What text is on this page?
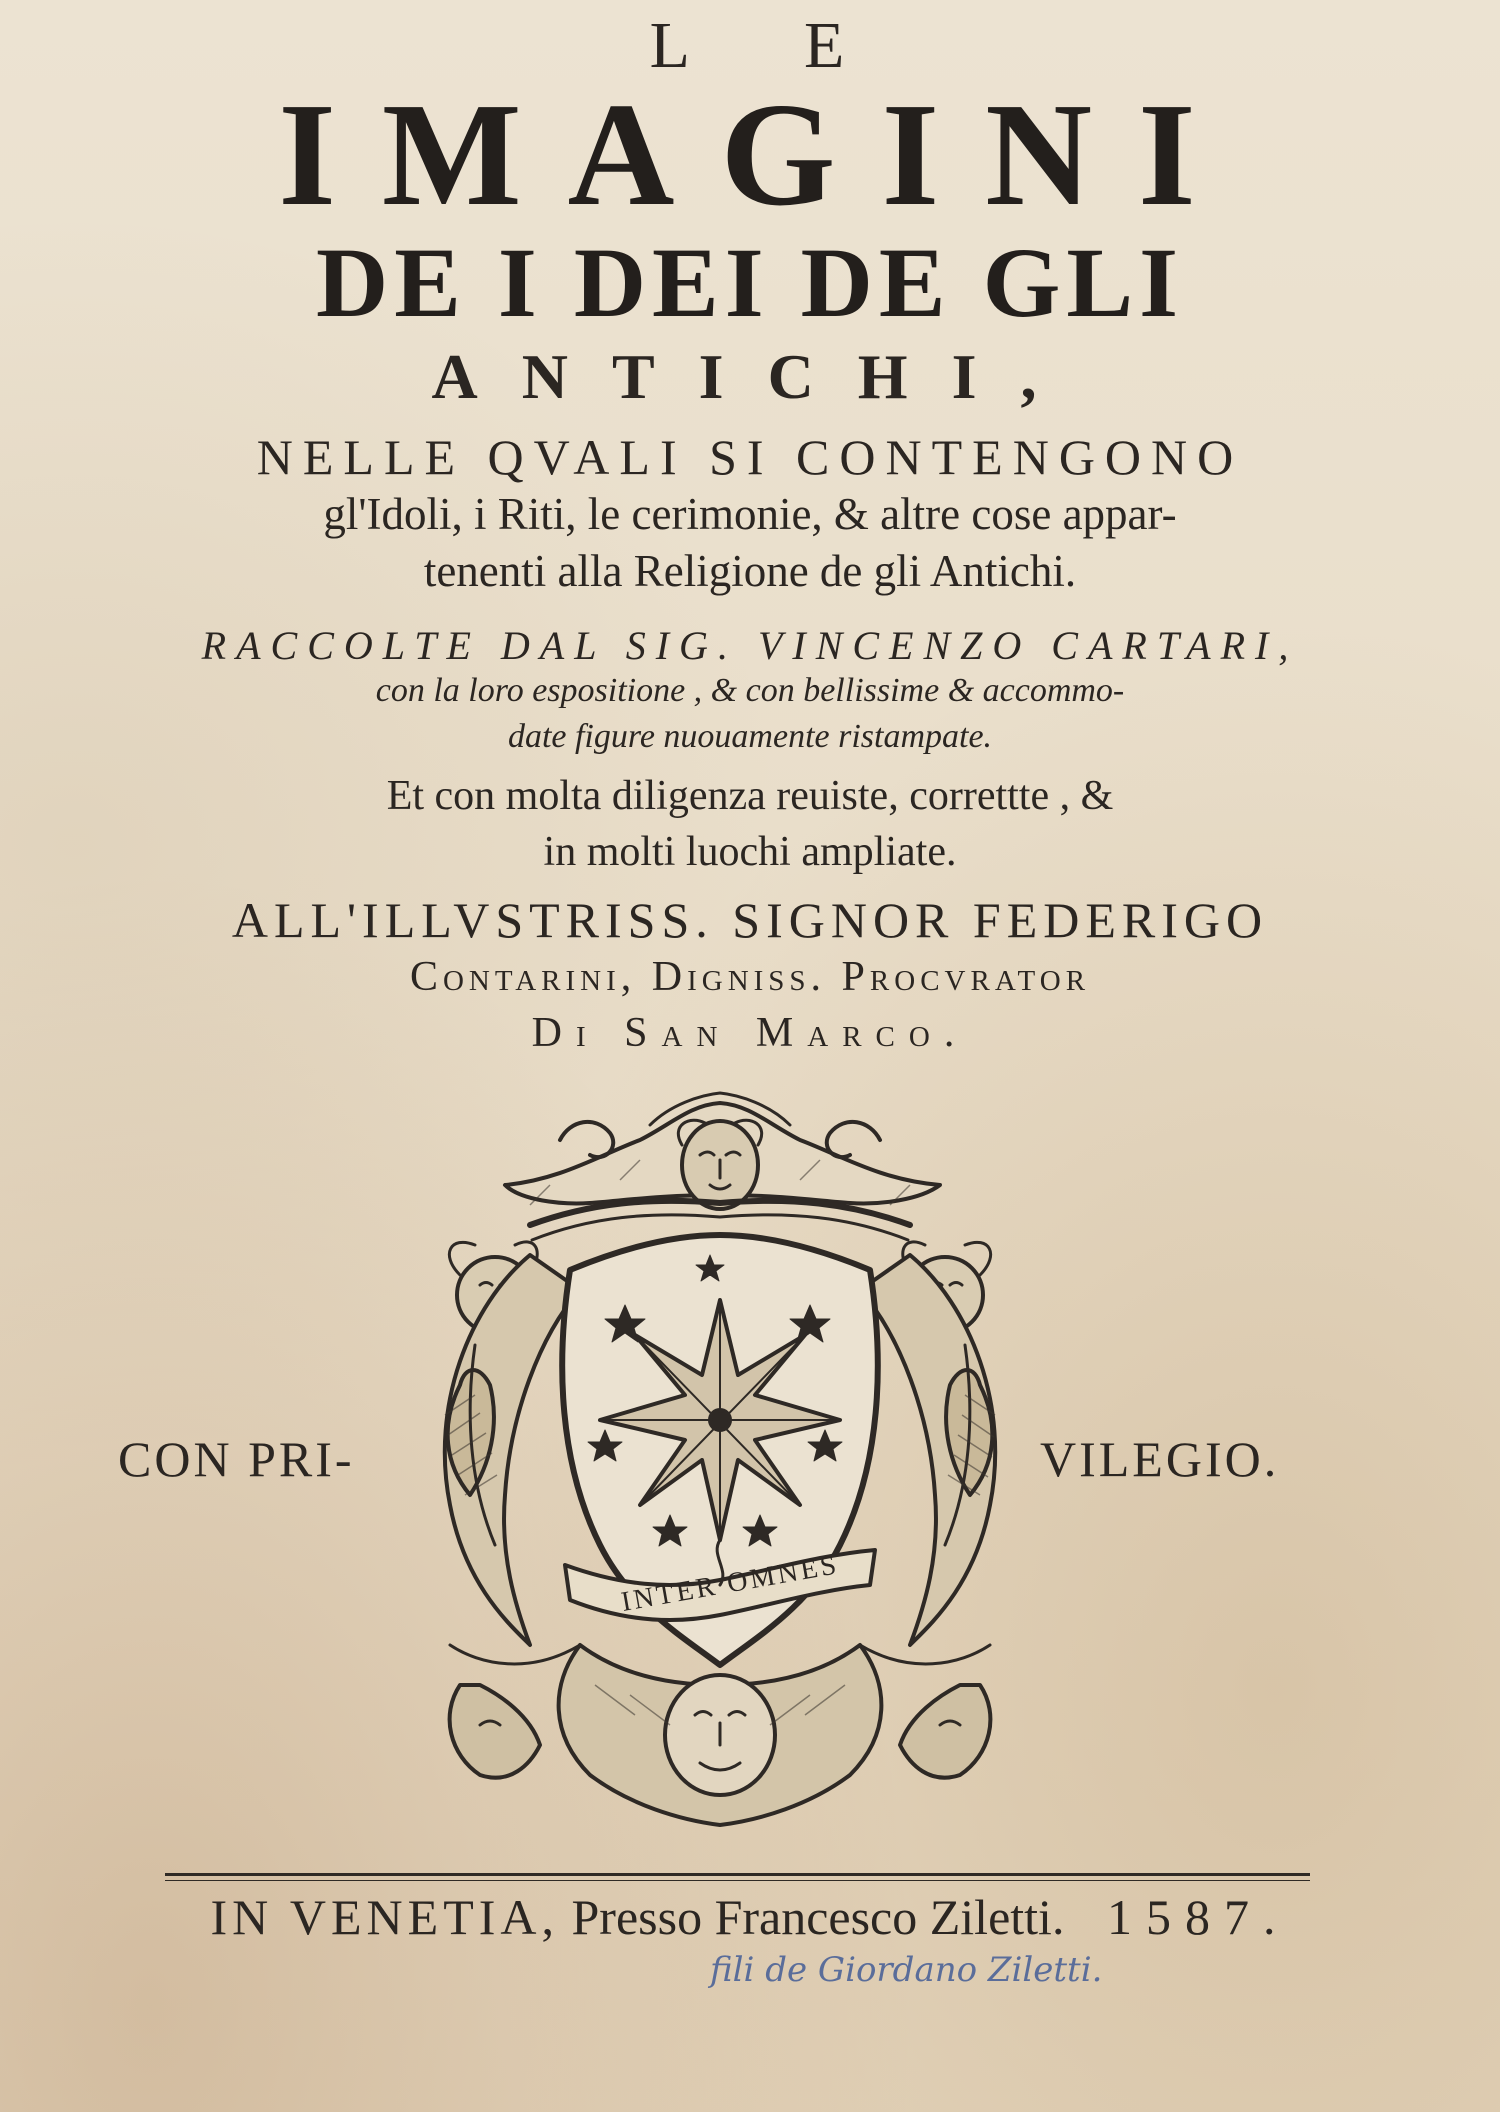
L E
IMAGINI
DE I DEI DE GLI
ANTICHI,
NELLE QVALI SI CONTENGONO
gl'Idoli, i Riti, le cerimonie, & altre cose appar-
tenenti alla Religione de gli Antichi.
RACCOLTE DAL SIG. VINCENZO CARTARI,
con la loro espositione , & con bellissime & accommo-
date figure nuouamente ristampate.
Et con molta diligenza reuiste, correttte , &
in molti luochi ampliate.
ALL'ILLVSTRISS. SIGNOR FEDERIGO
Contarini, Digniss. Procvrator
Di San Marco.
CON PRI-	VILEGIO.
INTER OMNES
IN VENETIA, Presso Francesco Ziletti. 1587.
fili de Giordano Ziletti.
